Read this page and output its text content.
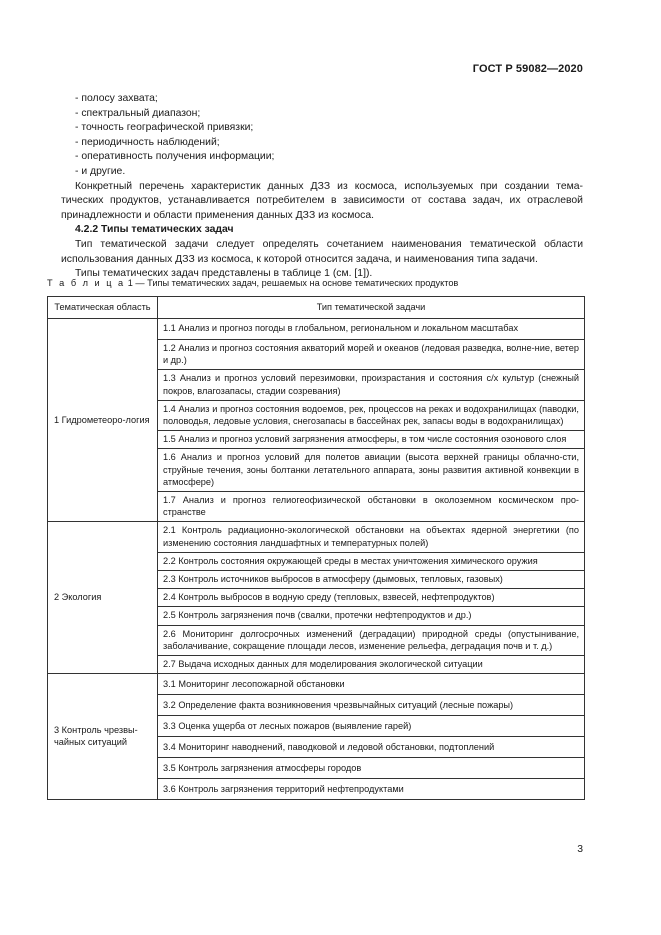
ГОСТ Р 59082—2020

- полосу захвата;

- спектральный диапазон;

- точность географической привязки;

- периодичность наблюдений;

- оперативность получения информации;

- и другие.

Конкретный перечень характеристик данных ДЗЗ из космоса, используемых при создании тема-

тических продуктов, устанавливается потребителем в зависимости от состава задач, их отраслевой

принадлежности и области применения данных ДЗЗ из космоса.

4.2.2 Типы тематических задач

Тип тематической задачи следует определять сочетанием наименования тематической области

использования данных ДЗЗ из космоса, к которой относится задача, и наименования типа задачи.

Типы тематических задач представлены в таблице 1 (см. [1]).

Т а б л и ц а 1 — Типы тематических задач, решаемых на основе тематических продуктов
Тематическая область	Тип тематической задачи
1 Гидрометеоро-логия	1.1 Анализ и прогноз погоды в глобальном, региональном и локальном масштабах
	1.2 Анализ и прогноз состояния акваторий морей и океанов (ледовая разведка, волне-ние, ветер и др.)
	1.3 Анализ и прогноз условий перезимовки, произрастания и состояния с/х культур (снежный покров, влагозапасы, стадии созревания)
	1.4 Анализ и прогноз состояния водоемов, рек, процессов на реках и водохранилищах (паводки, половодья, ледовые условия, снегозапасы в бассейнах рек, запасы воды в водохранилищах)
	1.5 Анализ и прогноз условий загрязнения атмосферы, в том числе состояния озонового слоя
	1.6 Анализ и прогноз условий для полетов авиации (высота верхней границы облачно-сти, струйные течения, зоны болтанки летательного аппарата, зоны развития активной конвекции в атмосфере)
	1.7 Анализ и прогноз гелиогеофизической обстановки в околоземном космическом про-странстве
2 Экология	2.1 Контроль радиационно-экологической обстановки на объектах ядерной энергетики (по изменению состояния ландшафтных и температурных полей)
	2.2 Контроль состояния окружающей среды в местах уничтожения химического оружия
	2.3 Контроль источников выбросов в атмосферу (дымовых, тепловых, газовых)
	2.4 Контроль выбросов в водную среду (тепловых, взвесей, нефтепродуктов)
	2.5 Контроль загрязнения почв (свалки, протечки нефтепродуктов и др.)
	2.6 Мониторинг долгосрочных изменений (деградации) природной среды (опустынивание, заболачивание, сокращение площади лесов, изменение рельефа, деградация почв и т. д.)
	2.7 Выдача исходных данных для моделирования экологической ситуации
3 Контроль чрезвы-чайных ситуаций	3.1 Мониторинг лесопожарной обстановки
	3.2 Определение факта возникновения чрезвычайных ситуаций (лесные пожары)
	3.3 Оценка ущерба от лесных пожаров (выявление гарей)
	3.4 Мониторинг наводнений, паводковой и ледовой обстановки, подтоплений
	3.5 Контроль загрязнения атмосферы городов
	3.6 Контроль загрязнения территорий нефтепродуктами
3
